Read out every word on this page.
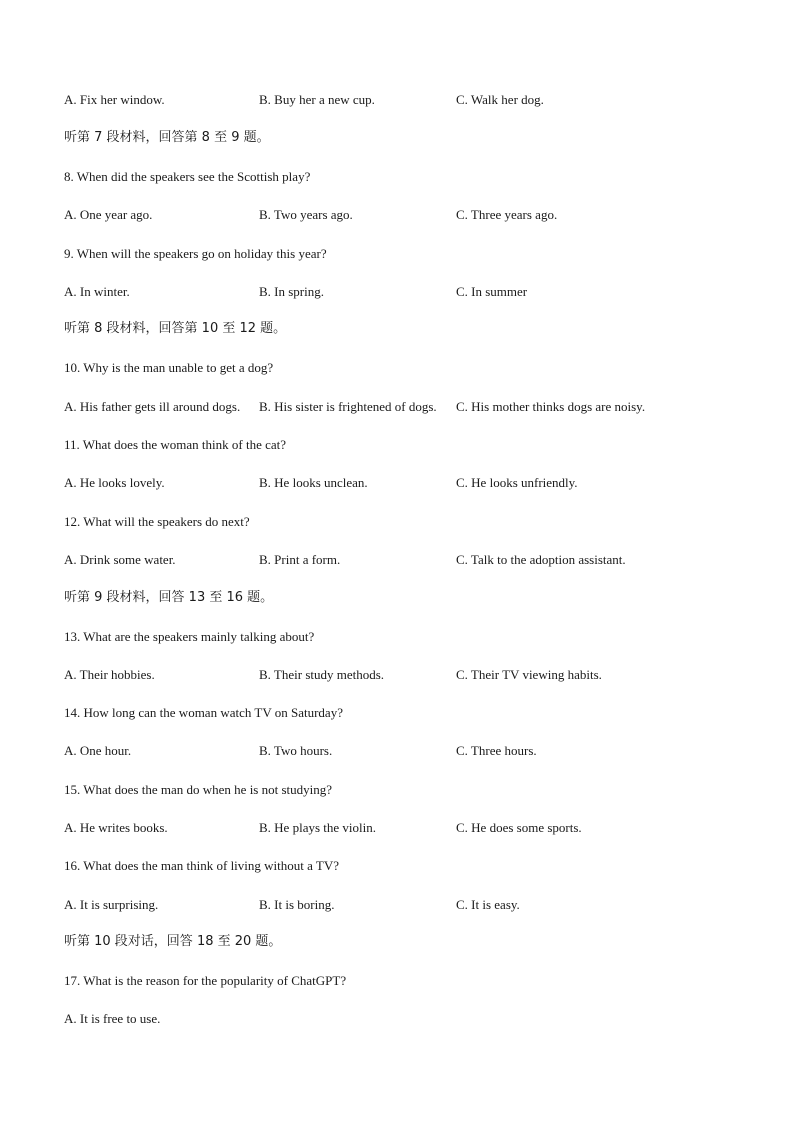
A. Fix her window.	B. Buy her a new cup.	C. Walk her dog.
听第 7 段材料，回答第 8 至 9 题。
8. When did the speakers see the Scottish play?
A. One year ago.	B. Two years ago.	C. Three years ago.
9. When will the speakers go on holiday this year?
A. In winter.	B. In spring.	C. In summer
听第 8 段材料，回答第 10 至 12 题。
10. Why is the man unable to get a dog?
A. His father gets ill around dogs. B. His sister is frightened of dogs. C. His mother thinks dogs are noisy.
11. What does the woman think of the cat?
A. He looks lovely.	B. He looks unclean.	C. He looks unfriendly.
12. What will the speakers do next?
A. Drink some water.	B. Print a form.	C. Talk to the adoption assistant.
听第 9 段材料，回答 13 至 16 题。
13. What are the speakers mainly talking about?
A. Their hobbies.	B. Their study methods.	C. Their TV viewing habits.
14. How long can the woman watch TV on Saturday?
A. One hour.	B. Two hours.	C. Three hours.
15. What does the man do when he is not studying?
A. He writes books.	B. He plays the violin.	C. He does some sports.
16. What does the man think of living without a TV?
A. It is surprising.	B. It is boring.	C. It is easy.
听第 10 段对话，回答 18 至 20 题。
17. What is the reason for the popularity of ChatGPT?
A. It is free to use.
